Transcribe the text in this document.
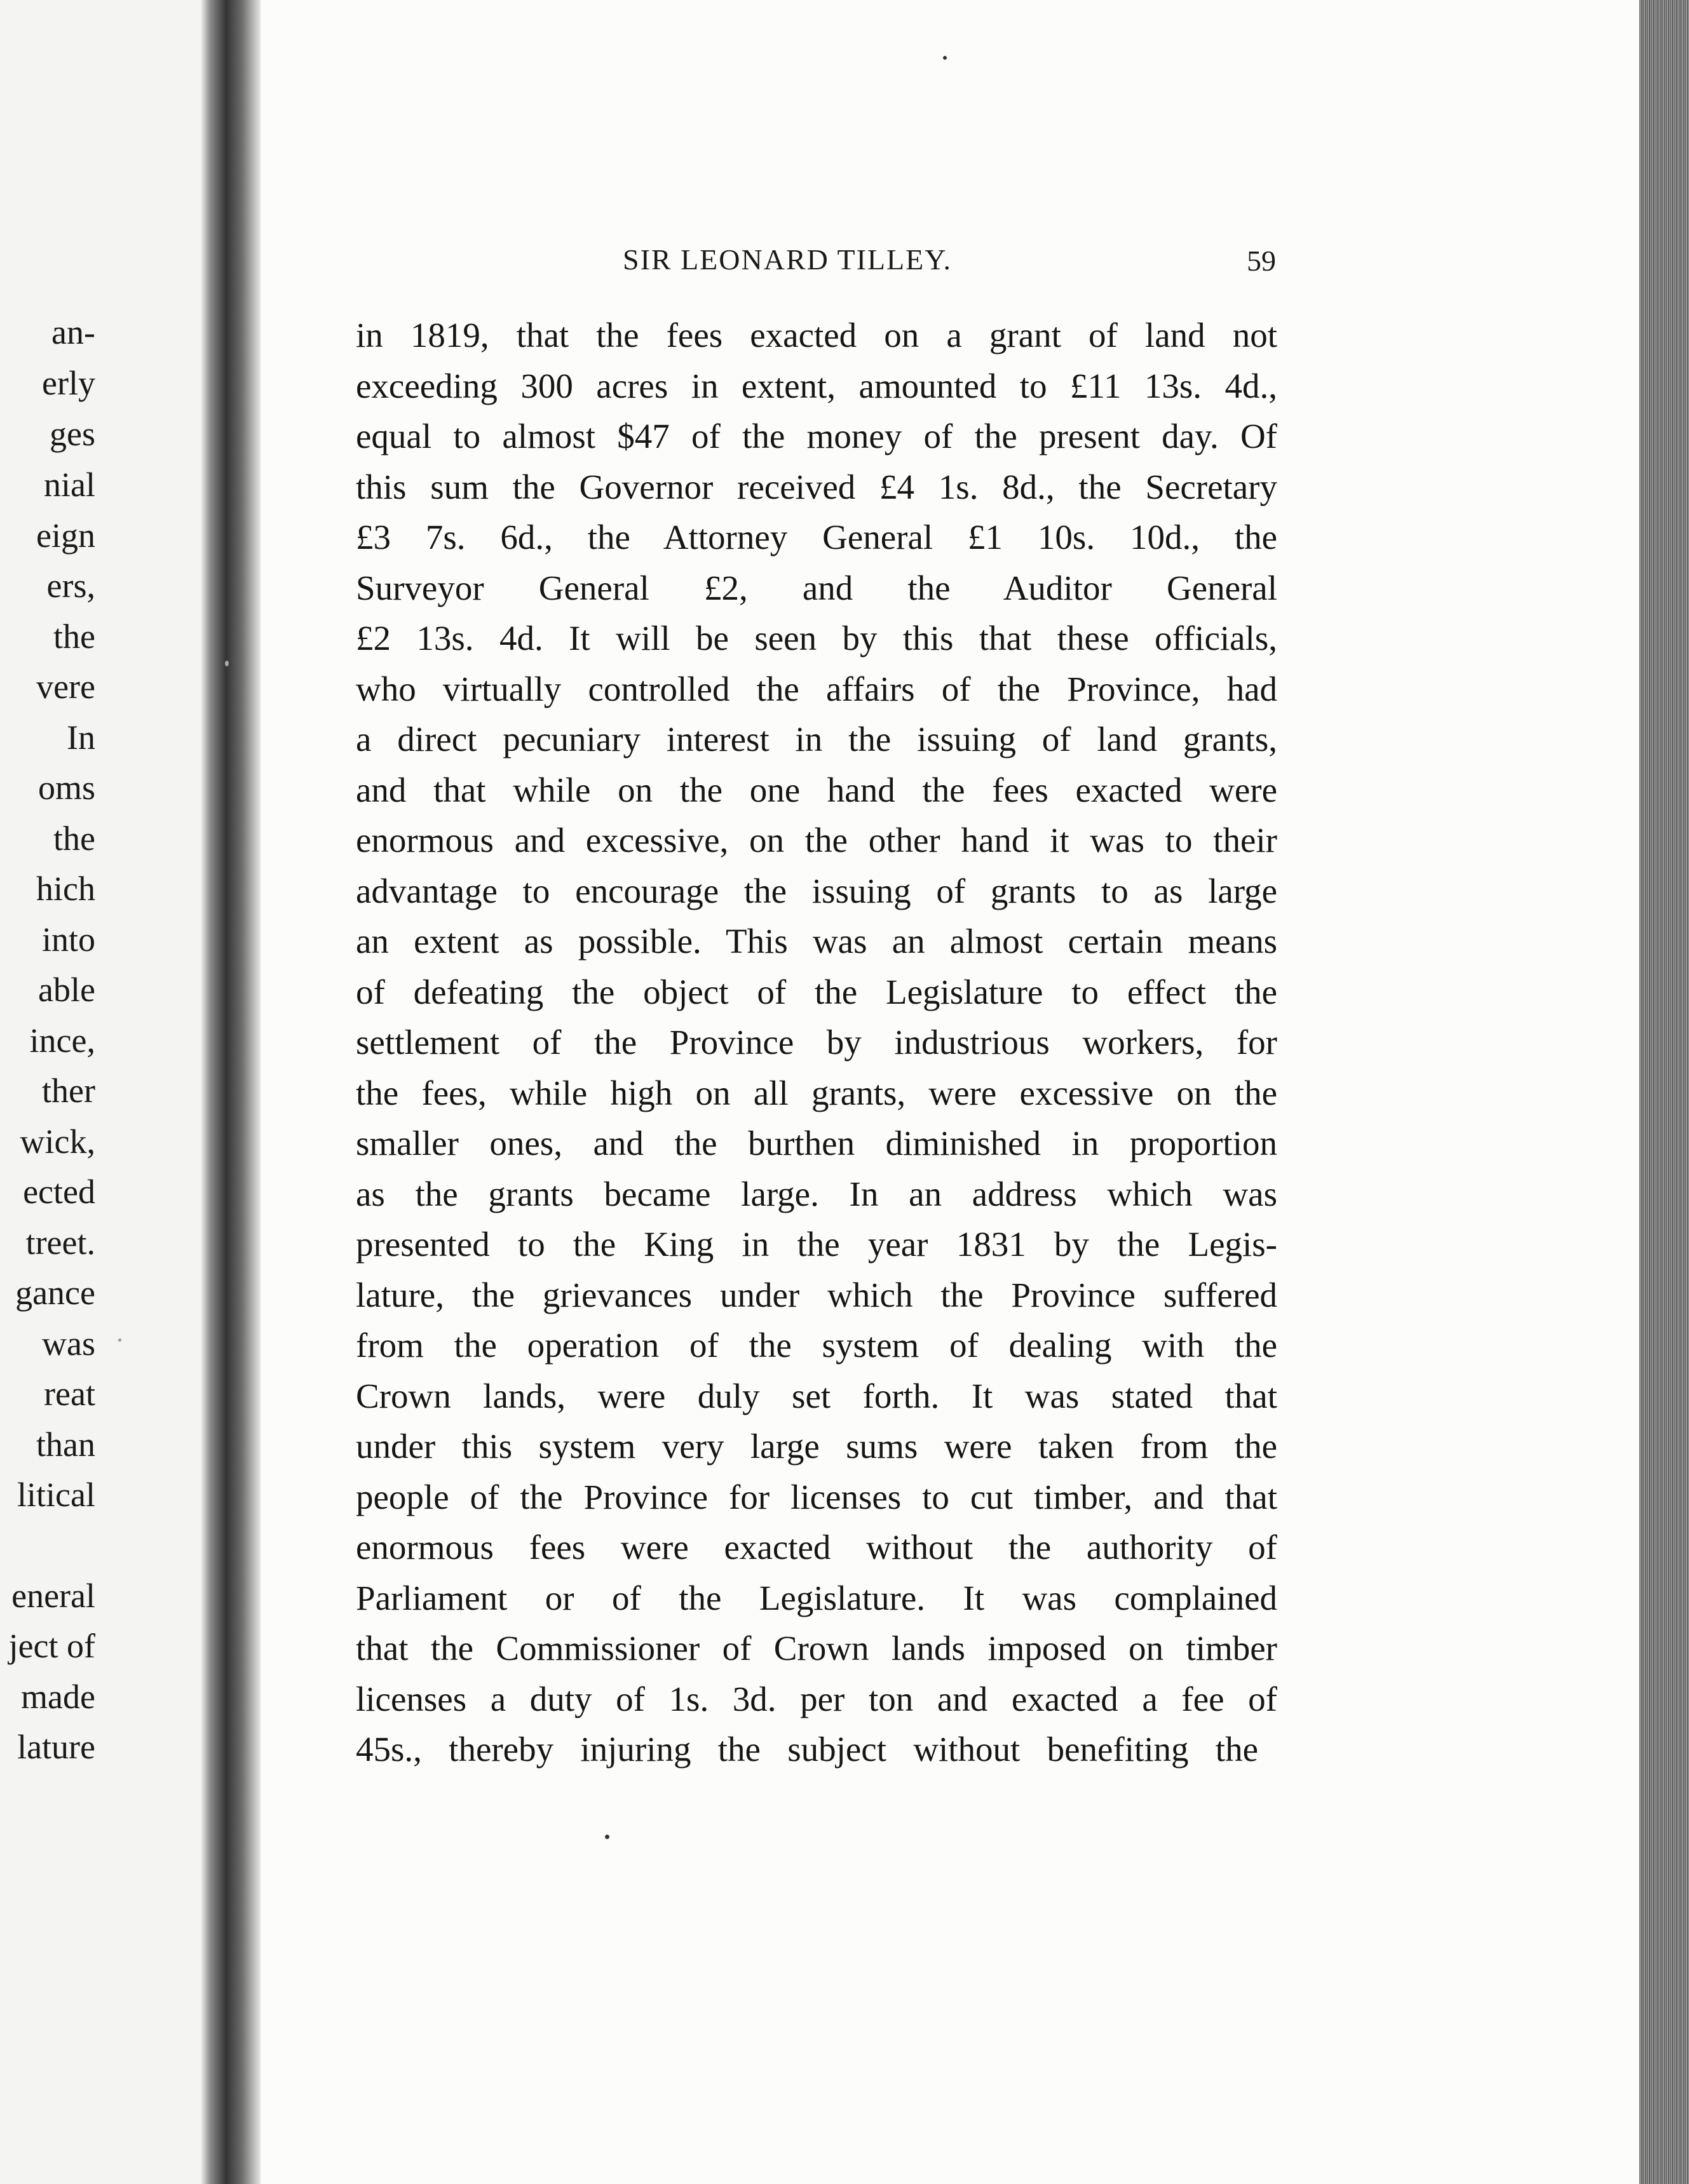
an-
erly
ges
nial
eign
ers,
the
vere
In
oms
the
hich
into
able
ince,
ther
wick,
ected
treet.
gance
was
reat
than
litical
eneral
ject of
made
lature
SIR LEONARD TILLEY.	59
in 1819, that the fees exacted on a grant of land not
exceeding 300 acres in extent, amounted to £11 13s. 4d.,
equal to almost $47 of the money of the present day. Of
this sum the Governor received £4 1s. 8d., the Secretary
£3 7s. 6d., the Attorney General £1 10s. 10d., the
Surveyor General £2, and the Auditor General
£2 13s. 4d. It will be seen by this that these officials,
who virtually controlled the affairs of the Province, had
a direct pecuniary interest in the issuing of land grants,
and that while on the one hand the fees exacted were
enormous and excessive, on the other hand it was to their
advantage to encourage the issuing of grants to as large
an extent as possible. This was an almost certain means
of defeating the object of the Legislature to effect the
settlement of the Province by industrious workers, for
the fees, while high on all grants, were excessive on the
smaller ones, and the burthen diminished in proportion
as the grants became large. In an address which was
presented to the King in the year 1831 by the Legis-
lature, the grievances under which the Province suffered
from the operation of the system of dealing with the
Crown lands, were duly set forth. It was stated that
under this system very large sums were taken from the
people of the Province for licenses to cut timber, and that
enormous fees were exacted without the authority of
Parliament or of the Legislature. It was complained
that the Commissioner of Crown lands imposed on timber
licenses a duty of 1s. 3d. per ton and exacted a fee of
45s., thereby injuring the subject without benefiting the
